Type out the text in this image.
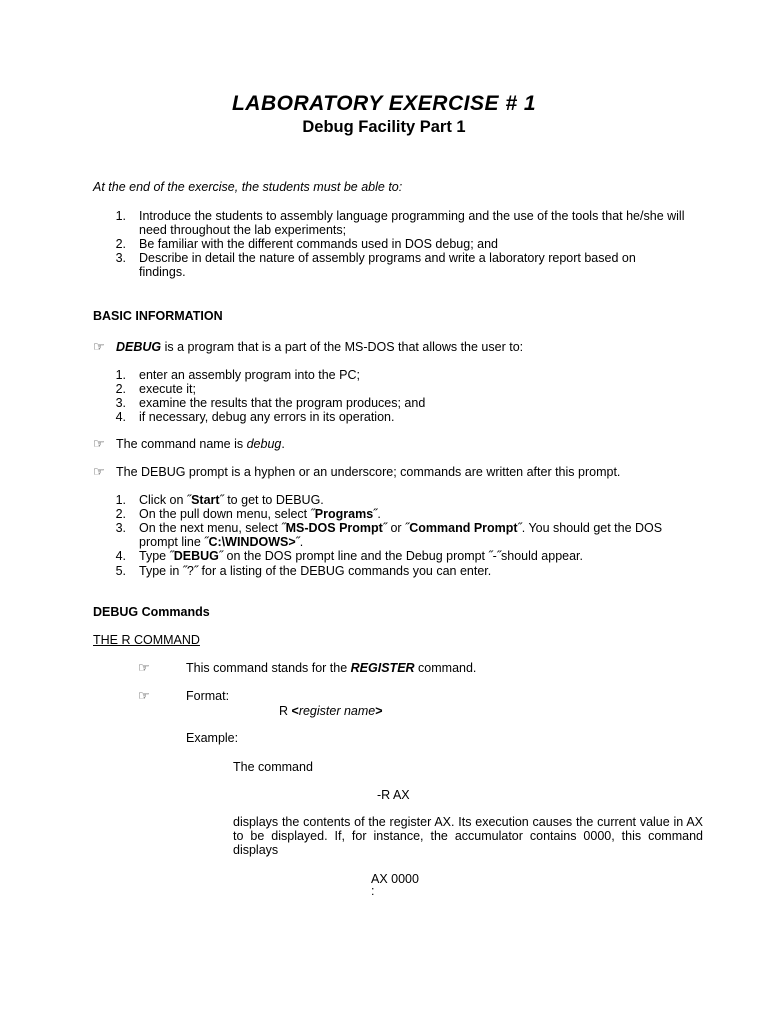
LABORATORY EXERCISE # 1
Debug Facility Part 1
At the end of the exercise, the students must be able to:
1. Introduce the students to assembly language programming and the use of the tools that he/she will need throughout the lab experiments;
2. Be familiar with the different commands used in DOS debug; and
3. Describe in detail the nature of assembly programs and write a laboratory report based on findings.
BASIC INFORMATION
☞ DEBUG is a program that is a part of the MS-DOS that allows the user to:
1. enter an assembly program into the PC;
2. execute it;
3. examine the results that the program produces; and
4. if necessary, debug any errors in its operation.
☞ The command name is debug.
☞ The DEBUG prompt is a hyphen or an underscore; commands are written after this prompt.
1. Click on ˝Start˝ to get to DEBUG.
2. On the pull down menu, select ˝Programs˝.
3. On the next menu, select ˝MS-DOS Prompt˝ or ˝Command Prompt˝. You should get the DOS
prompt line ˝C:\WINDOWS>˝.
4. Type ˝DEBUG˝ on the DOS prompt line and the Debug prompt ˝-˝should appear.
5. Type in ˝?˝ for a listing of the DEBUG commands you can enter.
DEBUG Commands
THE R COMMAND
☞	This command stands for the REGISTER command.
☞	Format:
R <register name>
Example:
The command
-R AX
displays the contents of the register AX. Its execution causes the current value in AX to be displayed. If, for instance, the accumulator contains 0000, this command displays
AX 0000
:
